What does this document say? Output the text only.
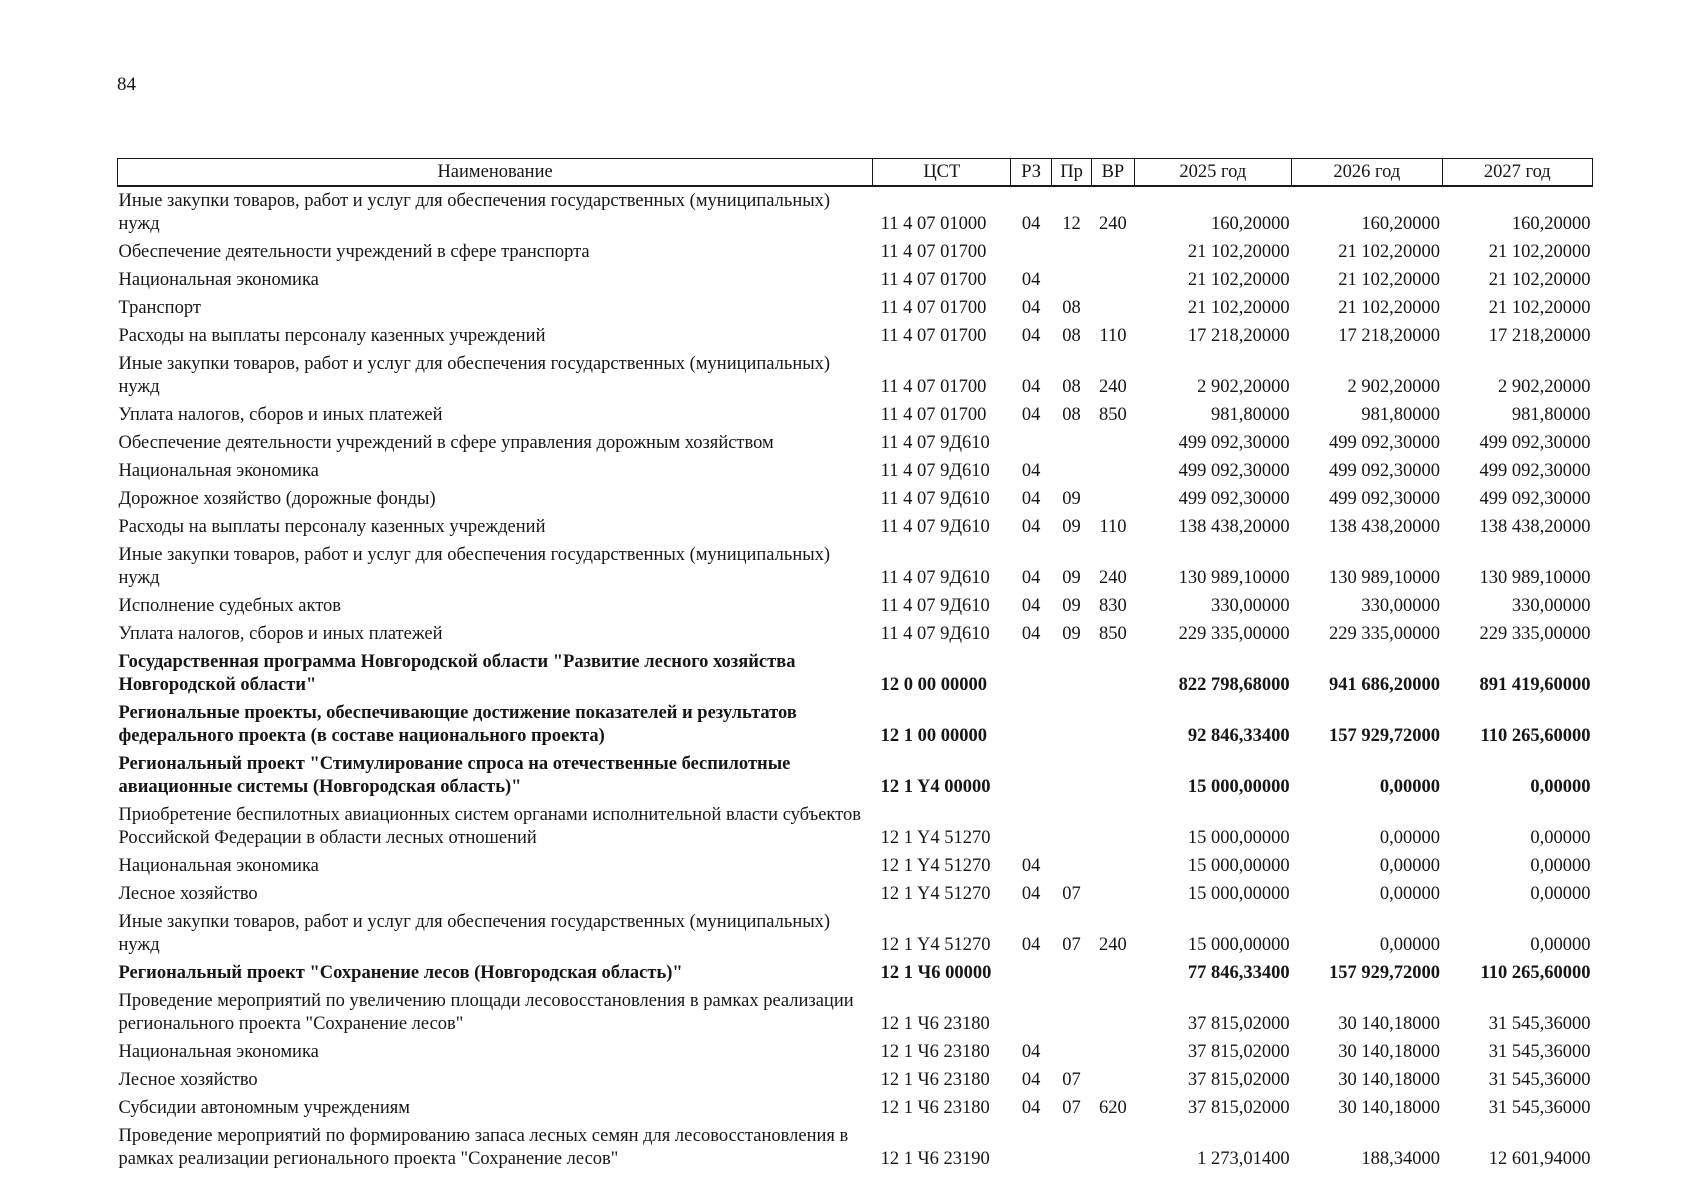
84
Наименование	ЦСТ	РЗ	Пр	ВР	2025 год	2026 год	2027 год
Иные закупки товаров, работ и услуг для обеспечения государственных (муниципальных) нужд	11 4 07 01000	04	12	240	160,20000	160,20000	160,20000
Обеспечение деятельности учреждений в сфере транспорта	11 4 07 01700				21 102,20000	21 102,20000	21 102,20000
Национальная экономика	11 4 07 01700	04			21 102,20000	21 102,20000	21 102,20000
Транспорт	11 4 07 01700	04	08		21 102,20000	21 102,20000	21 102,20000
Расходы на выплаты персоналу казенных учреждений	11 4 07 01700	04	08	110	17 218,20000	17 218,20000	17 218,20000
Иные закупки товаров, работ и услуг для обеспечения государственных (муниципальных) нужд	11 4 07 01700	04	08	240	2 902,20000	2 902,20000	2 902,20000
Уплата налогов, сборов и иных платежей	11 4 07 01700	04	08	850	981,80000	981,80000	981,80000
Обеспечение деятельности учреждений в сфере управления дорожным хозяйством	11 4 07 9Д610				499 092,30000	499 092,30000	499 092,30000
Национальная экономика	11 4 07 9Д610	04			499 092,30000	499 092,30000	499 092,30000
Дорожное хозяйство (дорожные фонды)	11 4 07 9Д610	04	09		499 092,30000	499 092,30000	499 092,30000
Расходы на выплаты персоналу казенных учреждений	11 4 07 9Д610	04	09	110	138 438,20000	138 438,20000	138 438,20000
Иные закупки товаров, работ и услуг для обеспечения государственных (муниципальных) нужд	11 4 07 9Д610	04	09	240	130 989,10000	130 989,10000	130 989,10000
Исполнение судебных актов	11 4 07 9Д610	04	09	830	330,00000	330,00000	330,00000
Уплата налогов, сборов и иных платежей	11 4 07 9Д610	04	09	850	229 335,00000	229 335,00000	229 335,00000
Государственная программа Новгородской области "Развитие лесного хозяйства Новгородской области"	12 0 00 00000				822 798,68000	941 686,20000	891 419,60000
Региональные проекты, обеспечивающие достижение показателей и результатов федерального проекта (в составе национального проекта)	12 1 00 00000				92 846,33400	157 929,72000	110 265,60000
Региональный проект "Стимулирование спроса на отечественные беспилотные авиационные системы (Новгородская область)"	12 1 Y4 00000				15 000,00000	0,00000	0,00000
Приобретение беспилотных авиационных систем органами исполнительной власти субъектов Российской Федерации в области лесных отношений	12 1 Y4 51270				15 000,00000	0,00000	0,00000
Национальная экономика	12 1 Y4 51270	04			15 000,00000	0,00000	0,00000
Лесное хозяйство	12 1 Y4 51270	04	07		15 000,00000	0,00000	0,00000
Иные закупки товаров, работ и услуг для обеспечения государственных (муниципальных) нужд	12 1 Y4 51270	04	07	240	15 000,00000	0,00000	0,00000
Региональный проект "Сохранение лесов (Новгородская область)"	12 1 Ч6 00000				77 846,33400	157 929,72000	110 265,60000
Проведение мероприятий по увеличению площади лесовосстановления в рамках реализации регионального проекта "Сохранение лесов"	12 1 Ч6 23180				37 815,02000	30 140,18000	31 545,36000
Национальная экономика	12 1 Ч6 23180	04			37 815,02000	30 140,18000	31 545,36000
Лесное хозяйство	12 1 Ч6 23180	04	07		37 815,02000	30 140,18000	31 545,36000
Субсидии автономным учреждениям	12 1 Ч6 23180	04	07	620	37 815,02000	30 140,18000	31 545,36000
Проведение мероприятий по формированию запаса лесных семян для лесовосстановления в рамках реализации регионального проекта "Сохранение лесов"	12 1 Ч6 23190				1 273,01400	188,34000	12 601,94000
